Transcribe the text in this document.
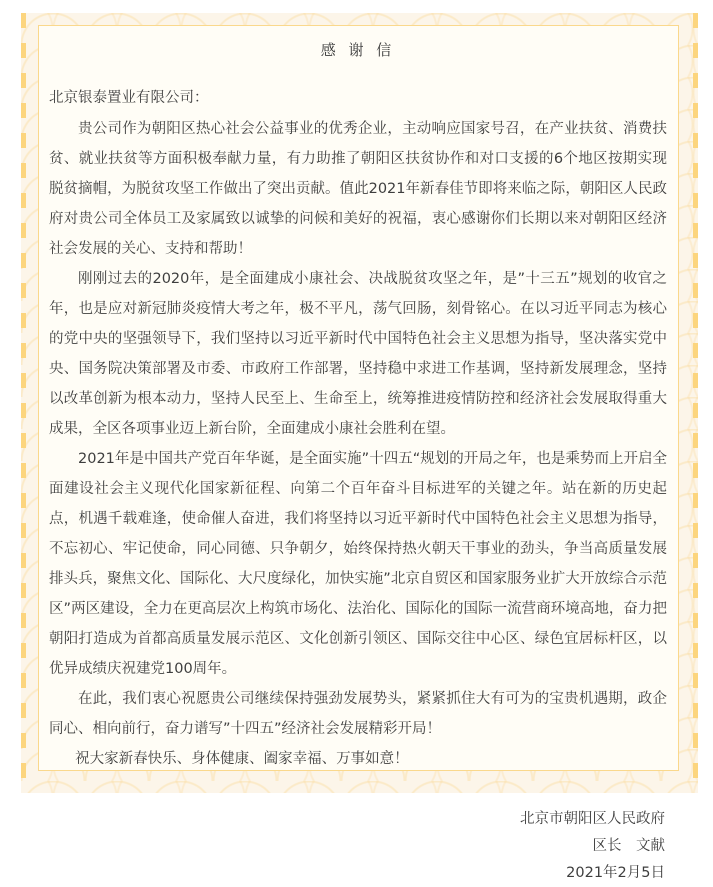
感 谢 信
北京银泰置业有限公司：

贵公司作为朝阳区热心社会公益事业的优秀企业，主动响应国家号召，在产业扶贫、消费扶贫、就业扶贫等方面积极奉献力量，有力助推了朝阳区扶贫协作和对口支援的6个地区按期实现脱贫摘帽，为脱贫攻坚工作做出了突出贡献。值此2021年新春佳节即将来临之际，朝阳区人民政府对贵公司全体员工及家属致以诚挚的问候和美好的祝福，衷心感谢你们长期以来对朝阳区经济社会发展的关心、支持和帮助！

刚刚过去的2020年，是全面建成小康社会、决战脱贫攻坚之年，是”十三五”规划的收官之年，也是应对新冠肺炎疫情大考之年，极不平凡，荡气回肠，刻骨铭心。在以习近平同志为核心的党中央的坚强领导下，我们坚持以习近平新时代中国特色社会主义思想为指导，坚决落实党中央、国务院决策部署及市委、市政府工作部署，坚持稳中求进工作基调，坚持新发展理念，坚持以改革创新为根本动力，坚持人民至上、生命至上，统筹推进疫情防控和经济社会发展取得重大成果，全区各项事业迈上新台阶，全面建成小康社会胜利在望。

2021年是中国共产党百年华诞，是全面实施”十四五“规划的开局之年，也是乘势而上开启全面建设社会主义现代化国家新征程、向第二个百年奋斗目标进军的关键之年。站在新的历史起点，机遇千载难逢，使命催人奋进，我们将坚持以习近平新时代中国特色社会主义思想为指导，不忘初心、牢记使命，同心同德、只争朝夕，始终保持热火朝天干事业的劲头，争当高质量发展排头兵，聚焦文化、国际化、大尺度绿化，加快实施”北京自贸区和国家服务业扩大开放综合示范区”两区建设，全力在更高层次上构筑市场化、法治化、国际化的国际一流营商环境高地，奋力把朝阳打造成为首都高质量发展示范区、文化创新引领区、国际交往中心区、绿色宜居标杆区，以优异成绩庆祝建党100周年。

在此，我们衷心祝愿贵公司继续保持强劲发展势头，紧紧抓住大有可为的宝贵机遇期，政企同心、相向前行，奋力谱写”十四五”经济社会发展精彩开局！

祝大家新春快乐、身体健康、阖家幸福、万事如意！
北京市朝阳区人民政府
区长　文献
2021年2月5日
